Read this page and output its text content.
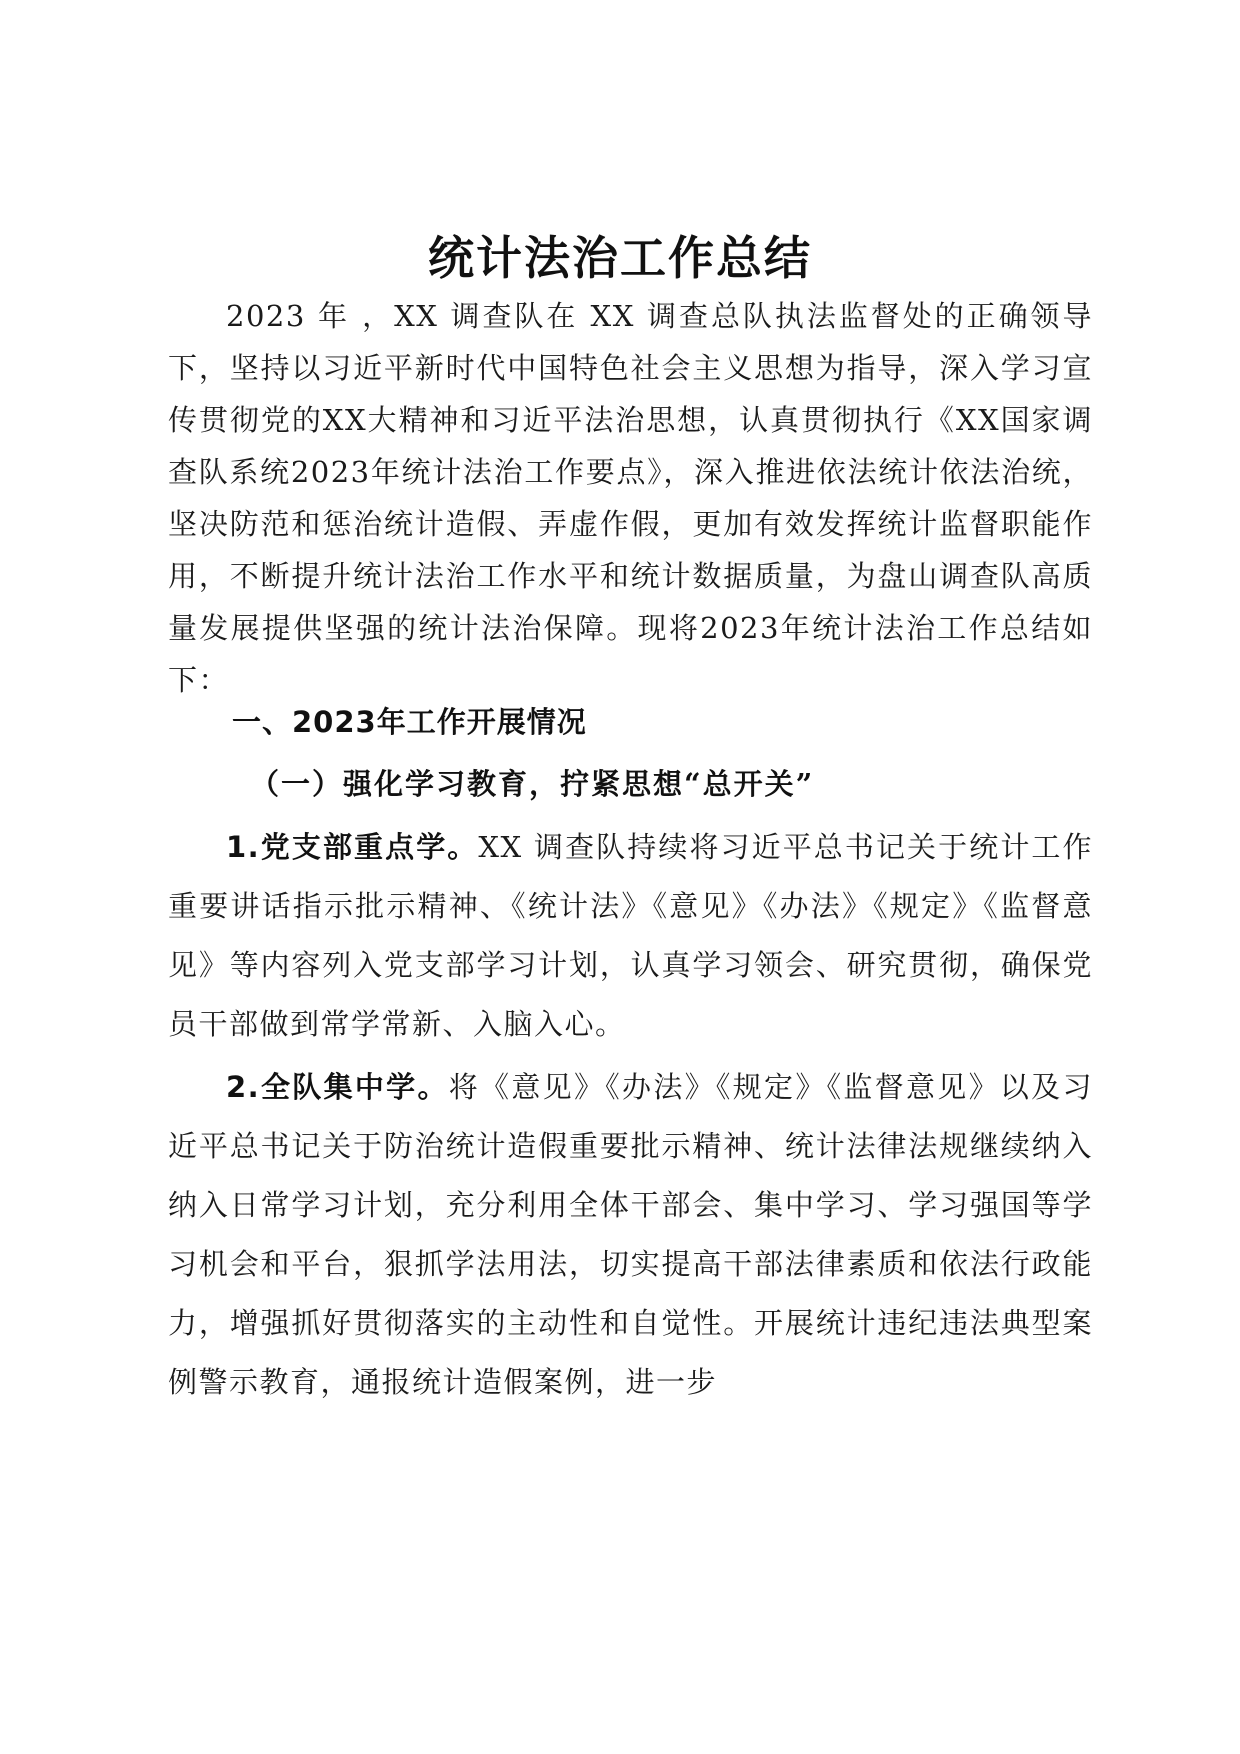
统计法治工作总结
2023 年 ，XX 调查队在 XX 调查总队执法监督处的正确领导下，坚持以习近平新时代中国特色社会主义思想为指导，深入学习宣传贯彻党的XX大精神和习近平法治思想，认真贯彻执行《XX国家调查队系统2023年统计法治工作要点》，深入推进依法统计依法治统，坚决防范和惩治统计造假、弄虚作假，更加有效发挥统计监督职能作用，不断提升统计法治工作水平和统计数据质量，为盘山调查队高质量发展提供坚强的统计法治保障。现将2023年统计法治工作总结如下：
一、2023年工作开展情况
（一）强化学习教育，拧紧思想“总开关”
1.党支部重点学。XX 调查队持续将习近平总书记关于统计工作重要讲话指示批示精神、《统计法》《意见》《办法》《规定》《监督意见》等内容列入党支部学习计划，认真学习领会、研究贯彻，确保党员干部做到常学常新、入脑入心。
2.全队集中学。将《意见》《办法》《规定》《监督意见》以及习近平总书记关于防治统计造假重要批示精神、统计法律法规继续纳入纳入日常学习计划，充分利用全体干部会、集中学习、学习强国等学习机会和平台，狠抓学法用法，切实提高干部法律素质和依法行政能力，增强抓好贯彻落实的主动性和自觉性。开展统计违纪违法典型案例警示教育，通报统计造假案例，进一步
